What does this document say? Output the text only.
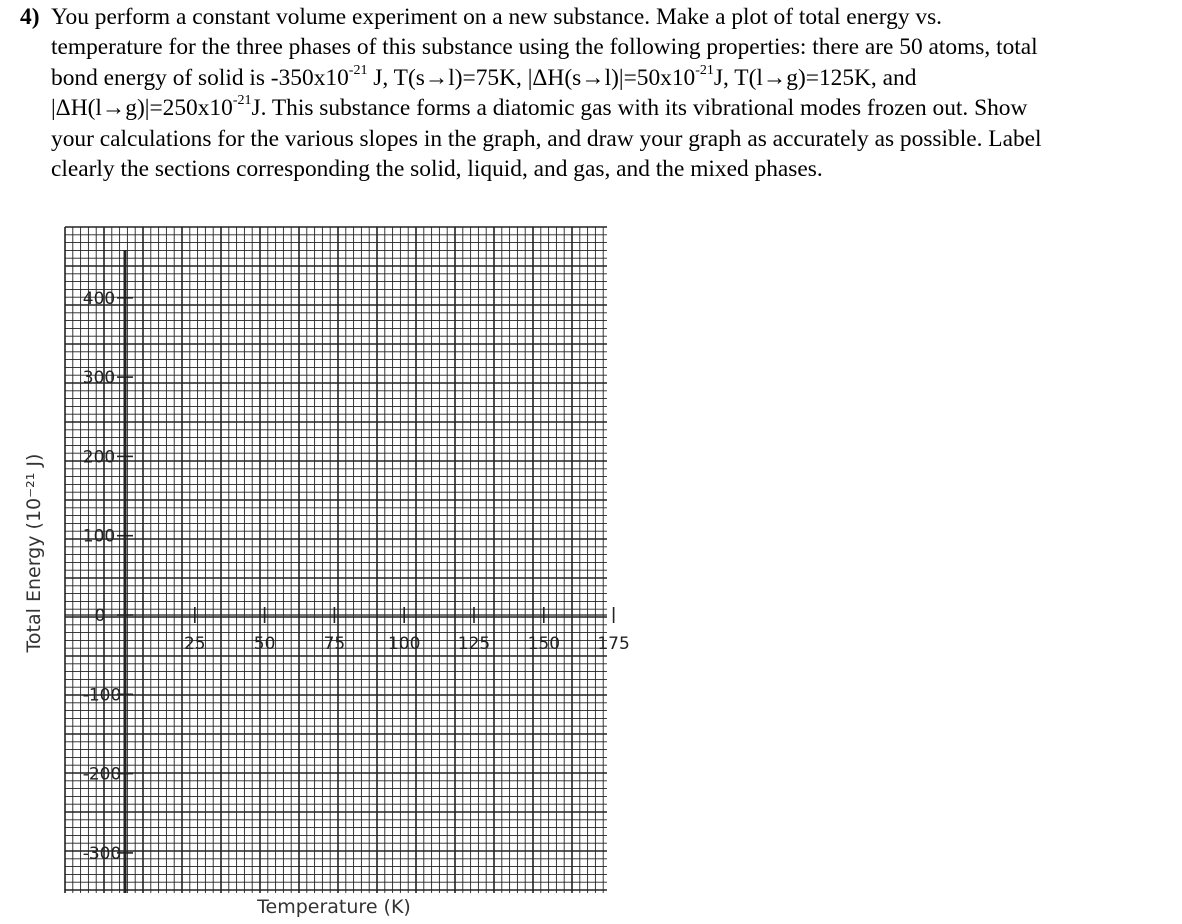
4) You perform a constant volume experiment on a new substance. Make a plot of total energy vs.
temperature for the three phases of this substance using the following properties: there are 50 atoms, total
bond energy of solid is $-350x10^{-21}$ J, T(s→l)=75K, $|\Delta H(s\to l)|=50x10^{-21}J$, T(l→g)=125K, and
$|\Delta H(l\to g)|=250x10^{-21}J$. This substance forms a diatomic gas with its vibrational modes frozen out. Show
your calculations for the various slopes in the graph, and draw your graph as accurately as possible. Label
clearly the sections corresponding the solid, liquid, and gas, and the mixed phases.
400
300
200
100
0
-100
-200
-300
25	50	75	100 125 150 175
Total Energy (10⁻²¹ J)
Temperature (K)
